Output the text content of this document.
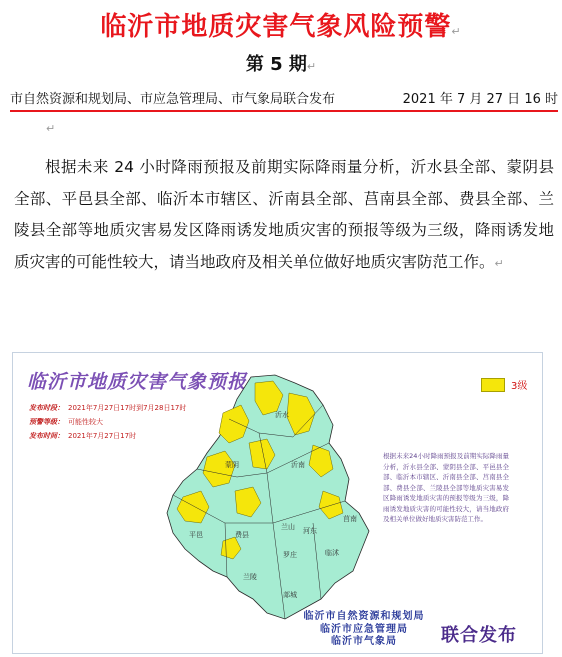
临沂市地质灾害气象风险预警↵
第 5 期↵
市自然资源和规划局、市应急管理局、市气象局联合发布	2021 年 7 月 27 日 16 时
↵

根据未来 24 小时降雨预报及前期实际降雨量分析，沂水县全部、蒙阴县全部、平邑县全部、临沂本市辖区、沂南县全部、莒南县全部、费县全部、兰陵县全部等地质灾害易发区降雨诱发地质灾害的预报等级为三级，降雨诱发地质灾害的可能性较大，请当地政府及相关单位做好地质灾害防范工作。↵

临沂市地质灾害气象预报	3级
发布时段： 2021年7月27日17时到7月28日17时
预警等级： 可能性较大
发布时间： 2021年7月27日17时
沂水
沂南
蒙阴
平邑	费县
兰陵
临沭
莒南
郯城
河东
兰山
罗庄
根据未来24小时降雨预报及前期实际降雨量分析，沂水县全部、蒙阴县全部、平邑县全部、临沂本市辖区、沂南县全部、莒南县全部、费县全部、兰陵县全部等地质灾害易发区降雨诱发地质灾害的预报等级为三级，降雨诱发地质灾害的可能性较大，请当地政府及相关单位做好地质灾害防范工作。
临沂市自然资源和规划局
临沂市应急管理局
临沂市气象局	联合发布
